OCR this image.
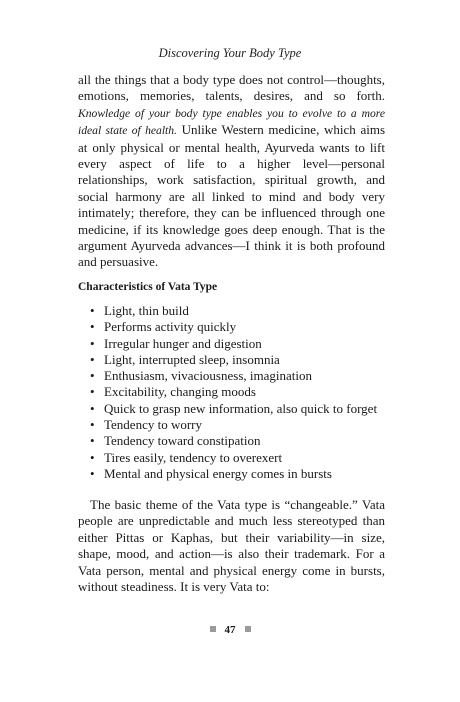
Discovering Your Body Type
all the things that a body type does not control—thoughts, emotions, memories, talents, desires, and so forth. Knowledge of your body type enables you to evolve to a more ideal state of health. Unlike Western medicine, which aims at only physical or mental health, Ayurveda wants to lift every aspect of life to a higher level—personal relationships, work satisfaction, spiritual growth, and social harmony are all linked to mind and body very intimately; therefore, they can be influenced through one medicine, if its knowledge goes deep enough. That is the argument Ayurveda advances—I think it is both profound and persuasive.
Characteristics of Vata Type
• Light, thin build
• Performs activity quickly
• Irregular hunger and digestion
• Light, interrupted sleep, insomnia
• Enthusiasm, vivaciousness, imagination
• Excitability, changing moods
• Quick to grasp new information, also quick to forget
• Tendency to worry
• Tendency toward constipation
• Tires easily, tendency to overexert
• Mental and physical energy comes in bursts
The basic theme of the Vata type is “changeable.” Vata people are unpredictable and much less stereotyped than either Pittas or Kaphas, but their variability—in size, shape, mood, and action—is also their trademark. For a Vata person, mental and physical energy come in bursts, without steadiness. It is very Vata to:
47
